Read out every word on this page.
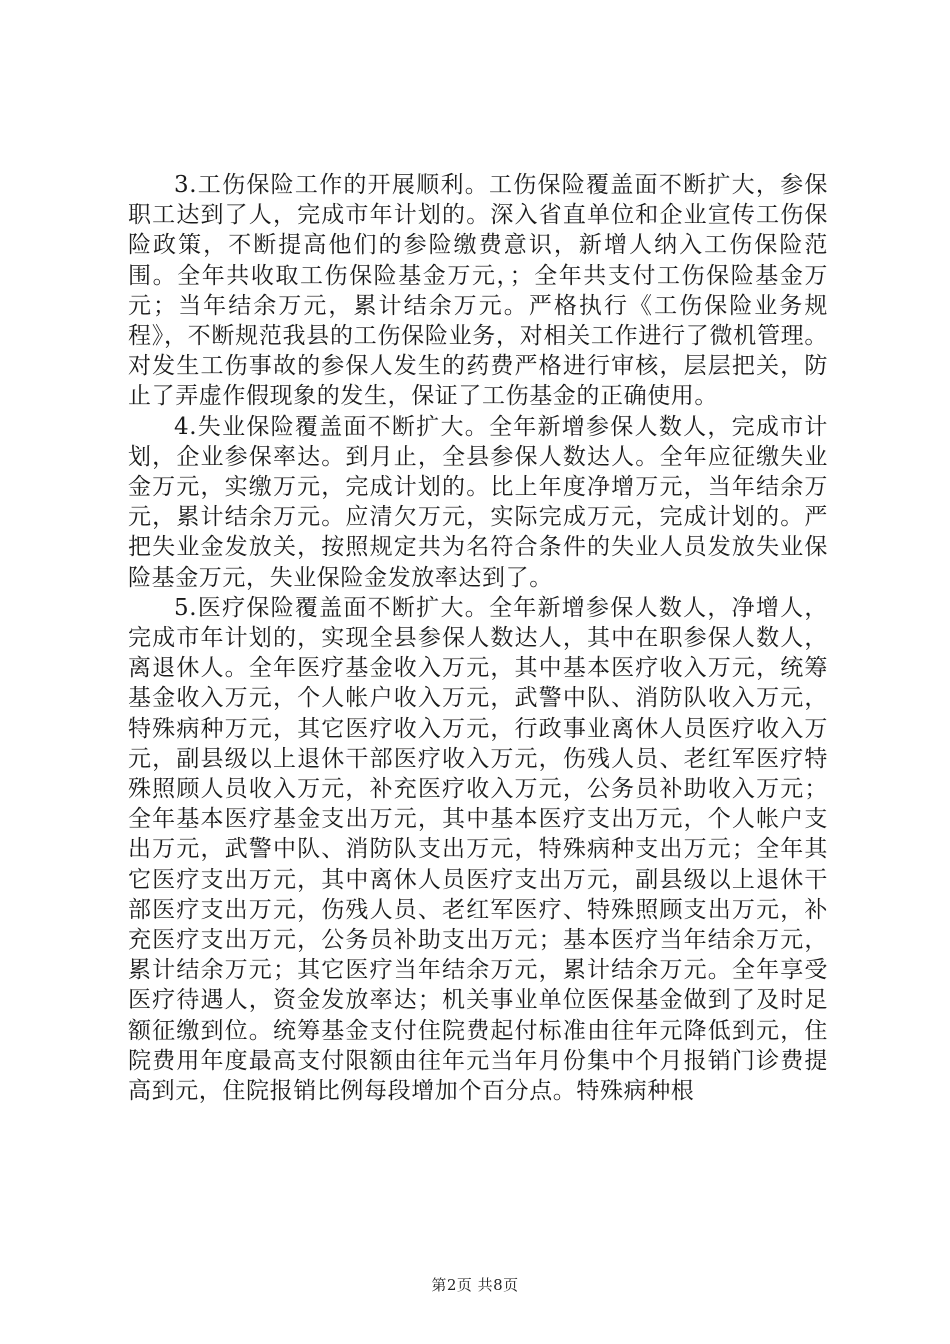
3.工伤保险工作的开展顺利。工伤保险覆盖面不断扩大，参保职工达到了人，完成市年计划的。深入省直单位和企业宣传工伤保险政策，不断提高他们的参险缴费意识，新增人纳入工伤保险范围。全年共收取工伤保险基金万元，；全年共支付工伤保险基金万元；当年结余万元，累计结余万元。严格执行《工伤保险业务规程》，不断规范我县的工伤保险业务，对相关工作进行了微机管理。对发生工伤事故的参保人发生的药费严格进行审核，层层把关，防止了弄虚作假现象的发生，保证了工伤基金的正确使用。

4.失业保险覆盖面不断扩大。全年新增参保人数人，完成市计划，企业参保率达。到月止，全县参保人数达人。全年应征缴失业金万元，实缴万元，完成计划的。比上年度净增万元，当年结余万元，累计结余万元。应清欠万元，实际完成万元，完成计划的。严把失业金发放关，按照规定共为名符合条件的失业人员发放失业保险基金万元，失业保险金发放率达到了。

5.医疗保险覆盖面不断扩大。全年新增参保人数人，净增人，完成市年计划的，实现全县参保人数达人，其中在职参保人数人，离退休人。全年医疗基金收入万元，其中基本医疗收入万元，统筹基金收入万元，个人帐户收入万元，武警中队、消防队收入万元，特殊病种万元，其它医疗收入万元，行政事业离休人员医疗收入万元，副县级以上退休干部医疗收入万元，伤残人员、老红军医疗特殊照顾人员收入万元，补充医疗收入万元，公务员补助收入万元；全年基本医疗基金支出万元，其中基本医疗支出万元，个人帐户支出万元，武警中队、消防队支出万元，特殊病种支出万元；全年其它医疗支出万元，其中离休人员医疗支出万元，副县级以上退休干部医疗支出万元，伤残人员、老红军医疗、特殊照顾支出万元，补充医疗支出万元，公务员补助支出万元；基本医疗当年结余万元，累计结余万元；其它医疗当年结余万元，累计结余万元。全年享受医疗待遇人，资金发放率达；机关事业单位医保基金做到了及时足额征缴到位。统筹基金支付住院费起付标准由往年元降低到元，住院费用年度最高支付限额由往年元当年月份集中个月报销门诊费提高到元，住院报销比例每段增加个百分点。特殊病种根

第2页 共8页
